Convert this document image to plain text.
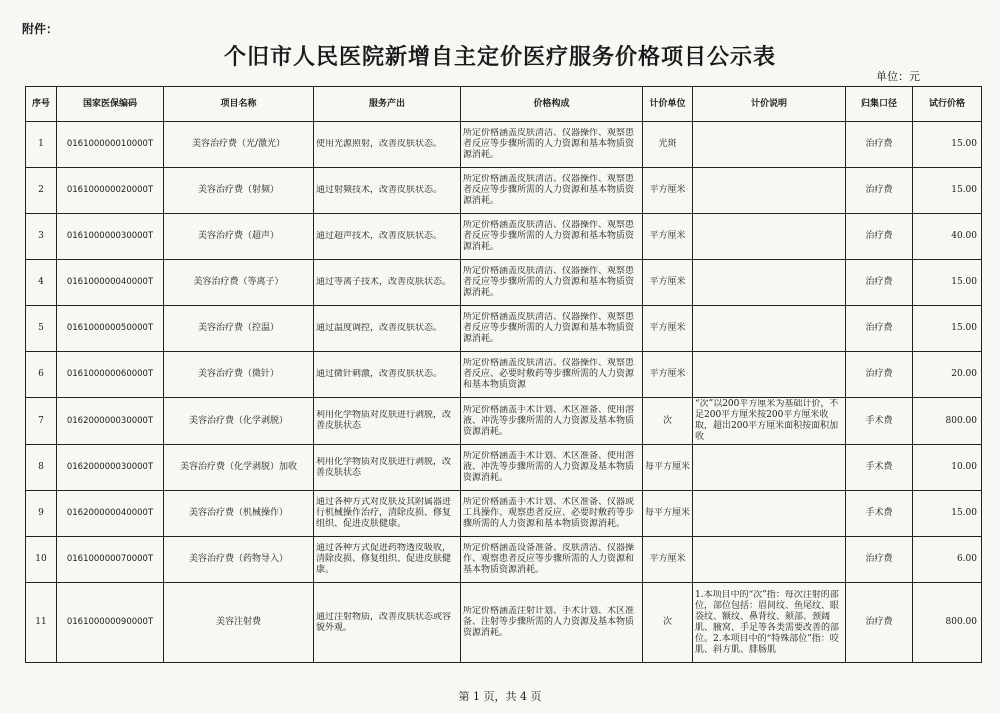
附件：
个旧市人民医院新增自主定价医疗服务价格项目公示表
单位：元
序号	国家医保编码	项目名称	服务产出	价格构成	计价单位	计价说明	归集口径	试行价格
1	016100000010000T	美容治疗费（光/激光）	使用光源照射，改善皮肤状态。	所定价格涵盖皮肤清洁、仪器操作、观察患者反应等步骤所需的人力资源和基本物质资源消耗。	光斑		治疗费	15.00
2	016100000020000T	美容治疗费（射频）	通过射频技术，改善皮肤状态。	所定价格涵盖皮肤清洁、仪器操作、观察患者反应等步骤所需的人力资源和基本物质资源消耗。	平方厘米		治疗费	15.00
3	016100000030000T	美容治疗费（超声）	通过超声技术，改善皮肤状态。	所定价格涵盖皮肤清洁、仪器操作、观察患者反应等步骤所需的人力资源和基本物质资源消耗。	平方厘米		治疗费	40.00
4	016100000040000T	美容治疗费（等离子）	通过等离子技术，改善皮肤状态。	所定价格涵盖皮肤清洁、仪器操作、观察患者反应等步骤所需的人力资源和基本物质资源消耗。	平方厘米		治疗费	15.00
5	016100000050000T	美容治疗费（控温）	通过温度调控，改善皮肤状态。	所定价格涵盖皮肤清洁、仪器操作、观察患者反应等步骤所需的人力资源和基本物质资源消耗。	平方厘米		治疗费	15.00
6	016100000060000T	美容治疗费（微针）	通过微针刺激，改善皮肤状态。	所定价格涵盖皮肤清洁、仪器操作、观察患者反应、必要时敷药等步骤所需的人力资源和基本物质资源	平方厘米		治疗费	20.00
7	016200000030000T	美容治疗费（化学剥脱）	利用化学物质对皮肤进行剥脱，改善皮肤状态	所定价格涵盖手术计划、术区准备、使用溶液、冲洗等步骤所需的人力资源及基本物质资源消耗。	次	“次”以200平方厘米为基础计价，不足200平方厘米按200平方厘米收取，超出200平方厘米面积按面积加收	手术费	800.00
8	016200000030000T	美容治疗费（化学剥脱）加收	利用化学物质对皮肤进行剥脱，改善皮肤状态	所定价格涵盖手术计划、术区准备、使用溶液、冲洗等步骤所需的人力资源及基本物质资源消耗。	每平方厘米		手术费	10.00
9	016200000040000T	美容治疗费（机械操作）	通过各种方式对皮肤及其附属器进行机械操作治疗，清除皮损、修复组织、促进皮肤健康。	所定价格涵盖手术计划、术区准备、仪器或工具操作、观察患者反应、必要时敷药等步骤所需的人力资源和基本物质资源消耗。	每平方厘米		手术费	15.00
10	016100000070000T	美容治疗费（药物导入）	通过各种方式促进药物透皮吸收，清除皮损、修复组织、促进皮肤健康。	所定价格涵盖设备准备、皮肤清洁、仪器操作、观察患者反应等步骤所需的人力资源和基本物质资源消耗。	平方厘米		治疗费	6.00
11	016100000090000T	美容注射费	通过注射物质，改善皮肤状态或容貌外观。	所定价格涵盖注射计划、手术计划、术区准备、注射等步骤所需的人力资源及基本物质资源消耗。	次	1.本项目中的“次”指：每次注射的部位，部位包括：眉间纹、鱼尾纹、眼袋纹、额纹、鼻背纹、颏部、颈阔肌、腋窝、手足等各类需要改善的部位。2.本项目中的“特殊部位”指：咬肌、斜方肌、腓肠肌	治疗费	800.00
第 1 页，共 4 页
